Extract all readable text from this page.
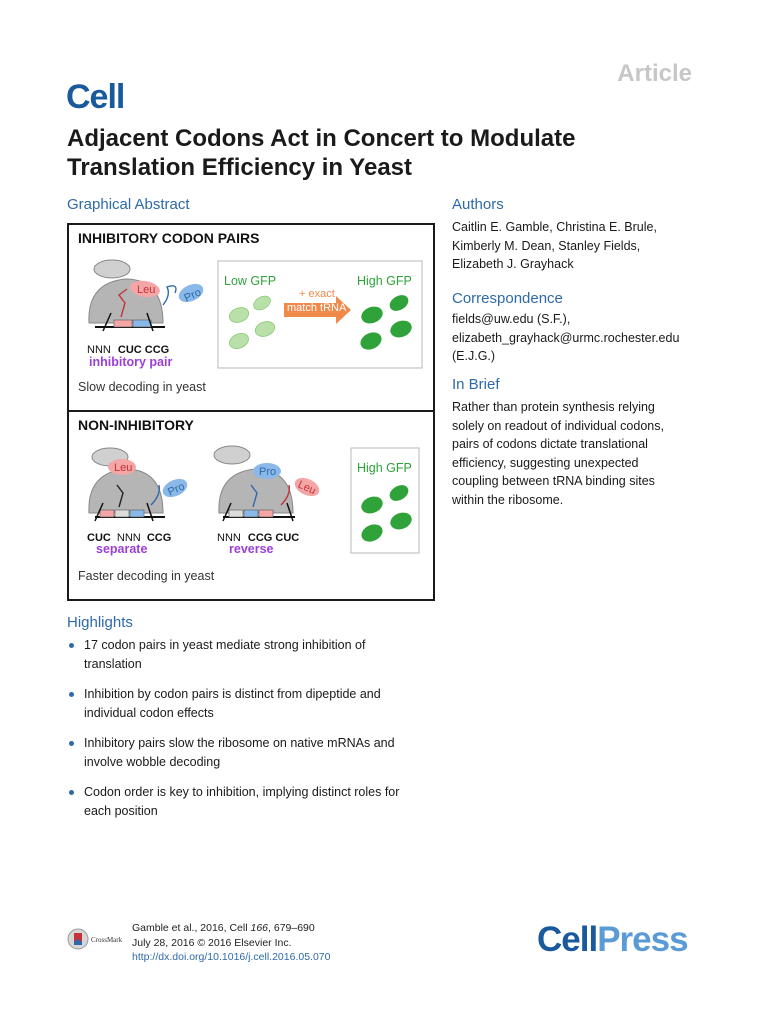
Article
Cell
Adjacent Codons Act in Concert to Modulate Translation Efficiency in Yeast
Graphical Abstract
INHIBITORY CODON PAIRS
Leu Pro
NNN CUC CCG
inhibitory pair
Low GFP	High GFP
+ exact
match tRNA
Slow decoding in yeast
NON-INHIBITORY
Leu
Pro
CUC NNN CCG
separate
Pro
Leu
NNN CCG CUC
reverse
High GFP
Faster decoding in yeast
Authors
Caitlin E. Gamble, Christina E. Brule,
Kimberly M. Dean, Stanley Fields,
Elizabeth J. Grayhack
Correspondence
fields@uw.edu (S.F.),
elizabeth_grayhack@urmc.rochester.edu
(E.J.G.)
In Brief
Rather than protein synthesis relying
solely on readout of individual codons,
pairs of codons dictate translational
efficiency, suggesting unexpected
coupling between tRNA binding sites
within the ribosome.
Highlights
17 codon pairs in yeast mediate strong inhibition of
translation
Inhibition by codon pairs is distinct from dipeptide and
individual codon effects
Inhibitory pairs slow the ribosome on native mRNAs and
involve wobble decoding
Codon order is key to inhibition, implying distinct roles for
each position
CrossMark
Gamble et al., 2016, Cell 166, 679–690
July 28, 2016 © 2016 Elsevier Inc.
http://dx.doi.org/10.1016/j.cell.2016.05.070	CellPress
